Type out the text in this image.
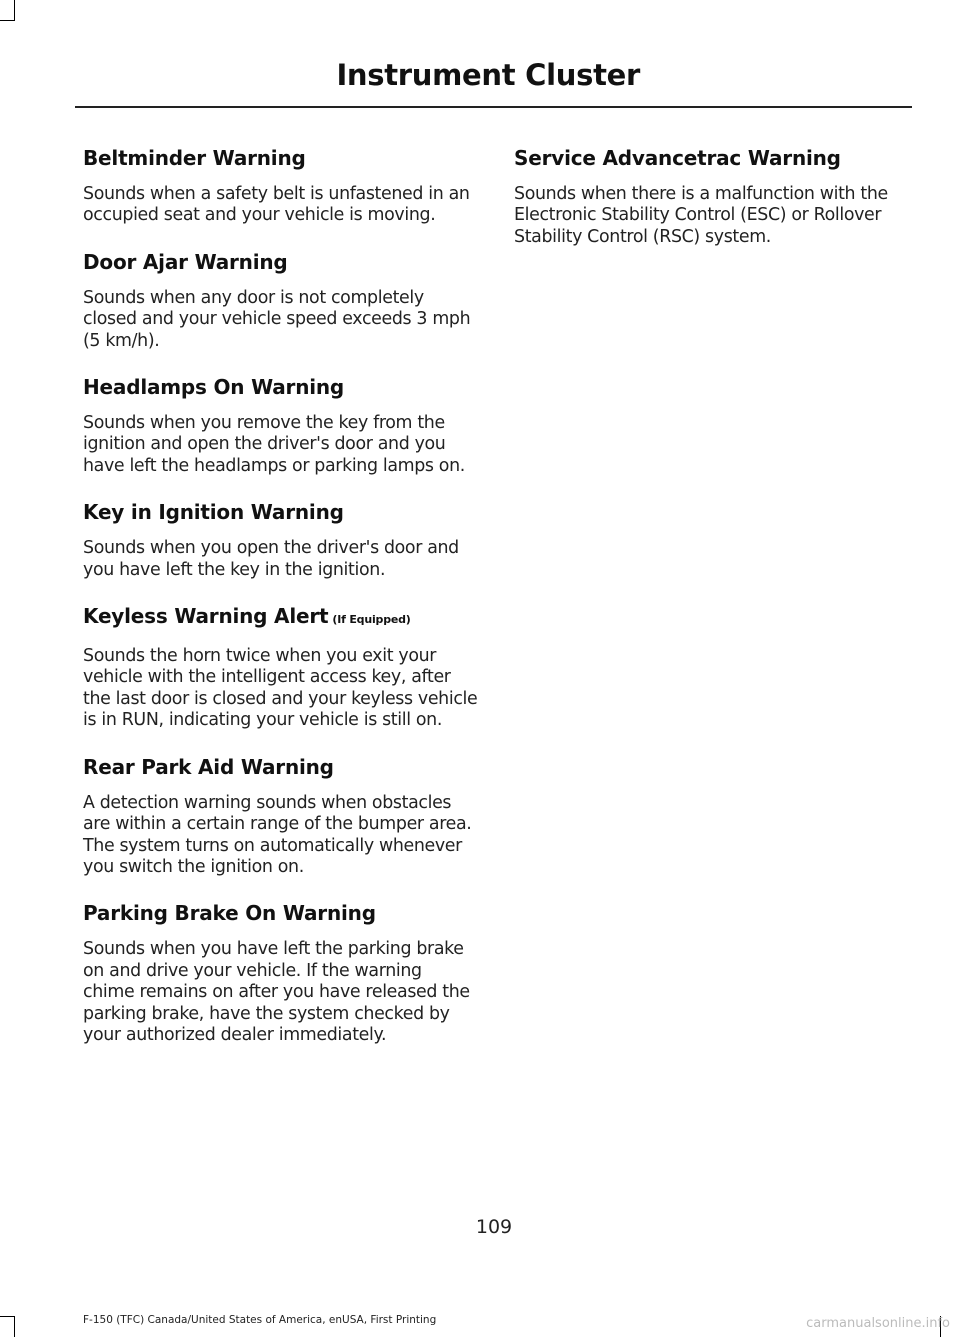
Instrument Cluster
Beltminder Warning

Sounds when a safety belt is unfastened in an occupied seat and your vehicle is moving.

Door Ajar Warning

Sounds when any door is not completely closed and your vehicle speed exceeds 3 mph (5 km/h).

Headlamps On Warning

Sounds when you remove the key from the ignition and open the driver's door and you have left the headlamps or parking lamps on.

Key in Ignition Warning

Sounds when you open the driver's door and you have left the key in the ignition.

Keyless Warning Alert (If Equipped)

Sounds the horn twice when you exit your vehicle with the intelligent access key, after the last door is closed and your keyless vehicle is in RUN, indicating your vehicle is still on.

Rear Park Aid Warning

A detection warning sounds when obstacles are within a certain range of the bumper area. The system turns on automatically whenever you switch the ignition on.

Parking Brake On Warning

Sounds when you have left the parking brake on and drive your vehicle. If the warning chime remains on after you have released the parking brake, have the system checked by your authorized dealer immediately.

Service Advancetrac Warning

Sounds when there is a malfunction with the Electronic Stability Control (ESC) or Rollover Stability Control (RSC) system.

109
F-150 (TFC) Canada/United States of America, enUSA, First Printing	carmanualsonline.info
